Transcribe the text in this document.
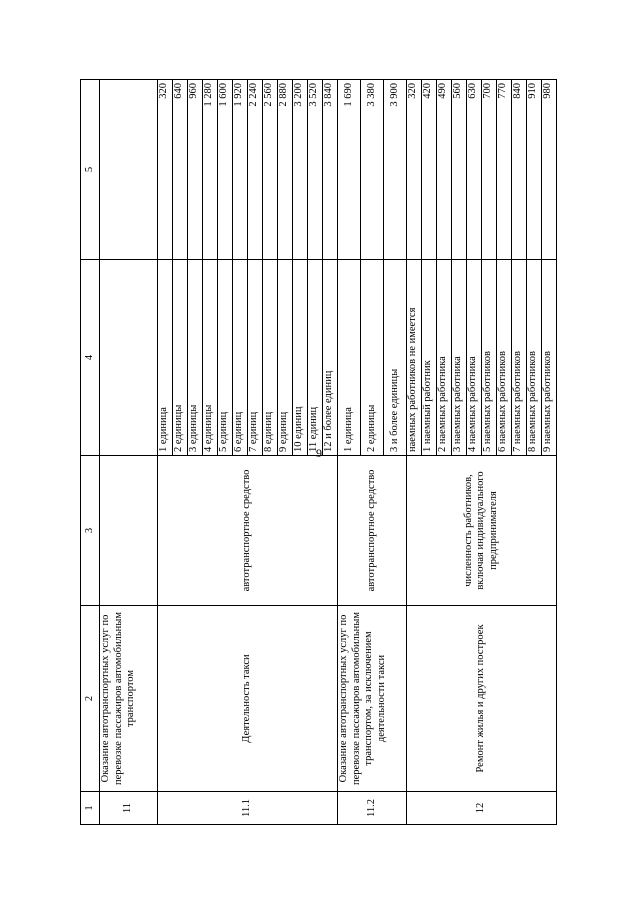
9
1	2	3	4	5
11	Оказание автотранспортных услуг по перевозке пассажиров автомобильным транспортом			
11.1	Деятельность такси	автотранспортное средство	1 единица	320
			2 единицы	640
			3 единицы	960
			4 единицы	1 280
			5 единиц	1 600
			6 единиц	1 920
			7 единиц	2 240
			8 единиц	2 560
			9 единиц	2 880
			10 единиц	3 200
			11 единиц	3 520
			12 и более единиц	3 840
11.2	Оказание автотранспортных услуг по перевозке пассажиров автомобильным транспортом, за исключением деятельности такси	автотранспортное средство	1 единица	1 690
			2 единицы	3 380
			3 и более единицы	3 900
12	Ремонт жилья и других построек	численность работников, включая индивидуального предпринимателя	наемных работников не имеется	320
			1 наемный работник	420
			2 наемных работника	490
			3 наемных работника	560
			4 наемных работника	630
			5 наемных работников	700
			6 наемных работников	770
			7 наемных работников	840
			8 наемных работников	910
			9 наемных работников	980
